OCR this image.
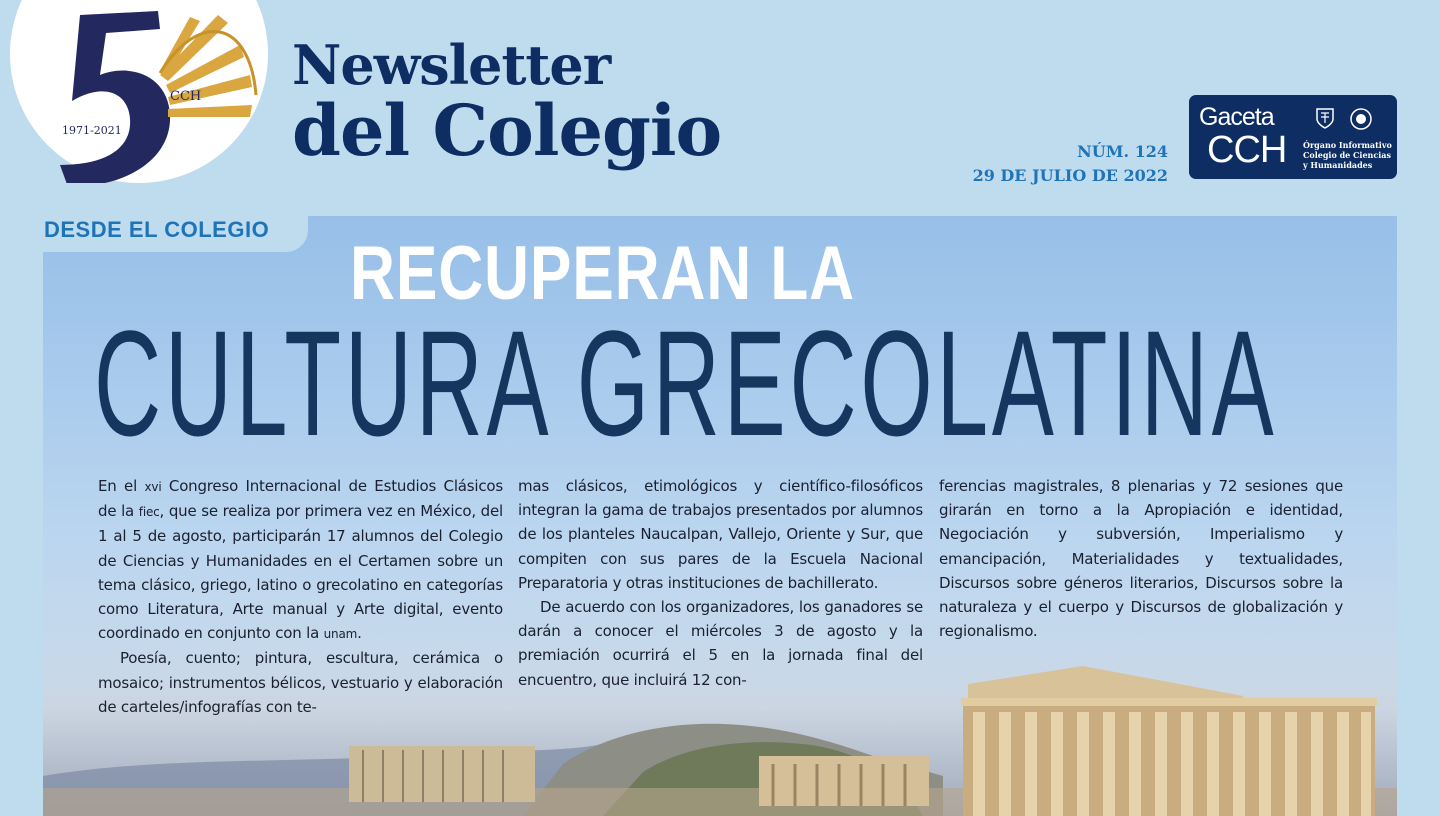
CCH
1971-2021
Newsletter
del Colegio	NÚM. 124
29 DE JULIO DE 2022
Gaceta
CCH Órgano Informativo
Colegio de Ciencias
y Humanidades
DESDE EL COLEGIO
RECUPERAN LA
CULTURA GRECOLATINA

En el xvi Congreso Internacional de Estudios Clásicos de la fiec, que se realiza por primera vez en México, del 1 al 5 de agosto, participarán 17 alumnos del Colegio de Ciencias y Humanidades en el Certamen sobre un tema clásico, griego, latino o grecolatino en categorías como Literatura, Arte manual y Arte digital, evento coordinado en conjunto con la unam.

Poesía, cuento; pintura, escultura, cerámica o mosaico; instrumentos bélicos, vestuario y elaboración de carteles/infografías con te-

mas clásicos, etimológicos y científico-filosóficos integran la gama de trabajos presentados por alumnos de los planteles Naucalpan, Vallejo, Oriente y Sur, que compiten con sus pares de la Escuela Nacional Preparatoria y otras instituciones de bachillerato.

De acuerdo con los organizadores, los ganadores se darán a conocer el miércoles 3 de agosto y la premiación ocurrirá el 5 en la jornada final del encuentro, que incluirá 12 con-

ferencias magistrales, 8 plenarias y 72 sesiones que girarán en torno a la Apropiación e identidad, Negociación y subversión, Imperialismo y emancipación, Materialidades y textualidades, Discursos sobre géneros literarios, Discursos sobre la naturaleza y el cuerpo y Discursos de globalización y regionalismo.
